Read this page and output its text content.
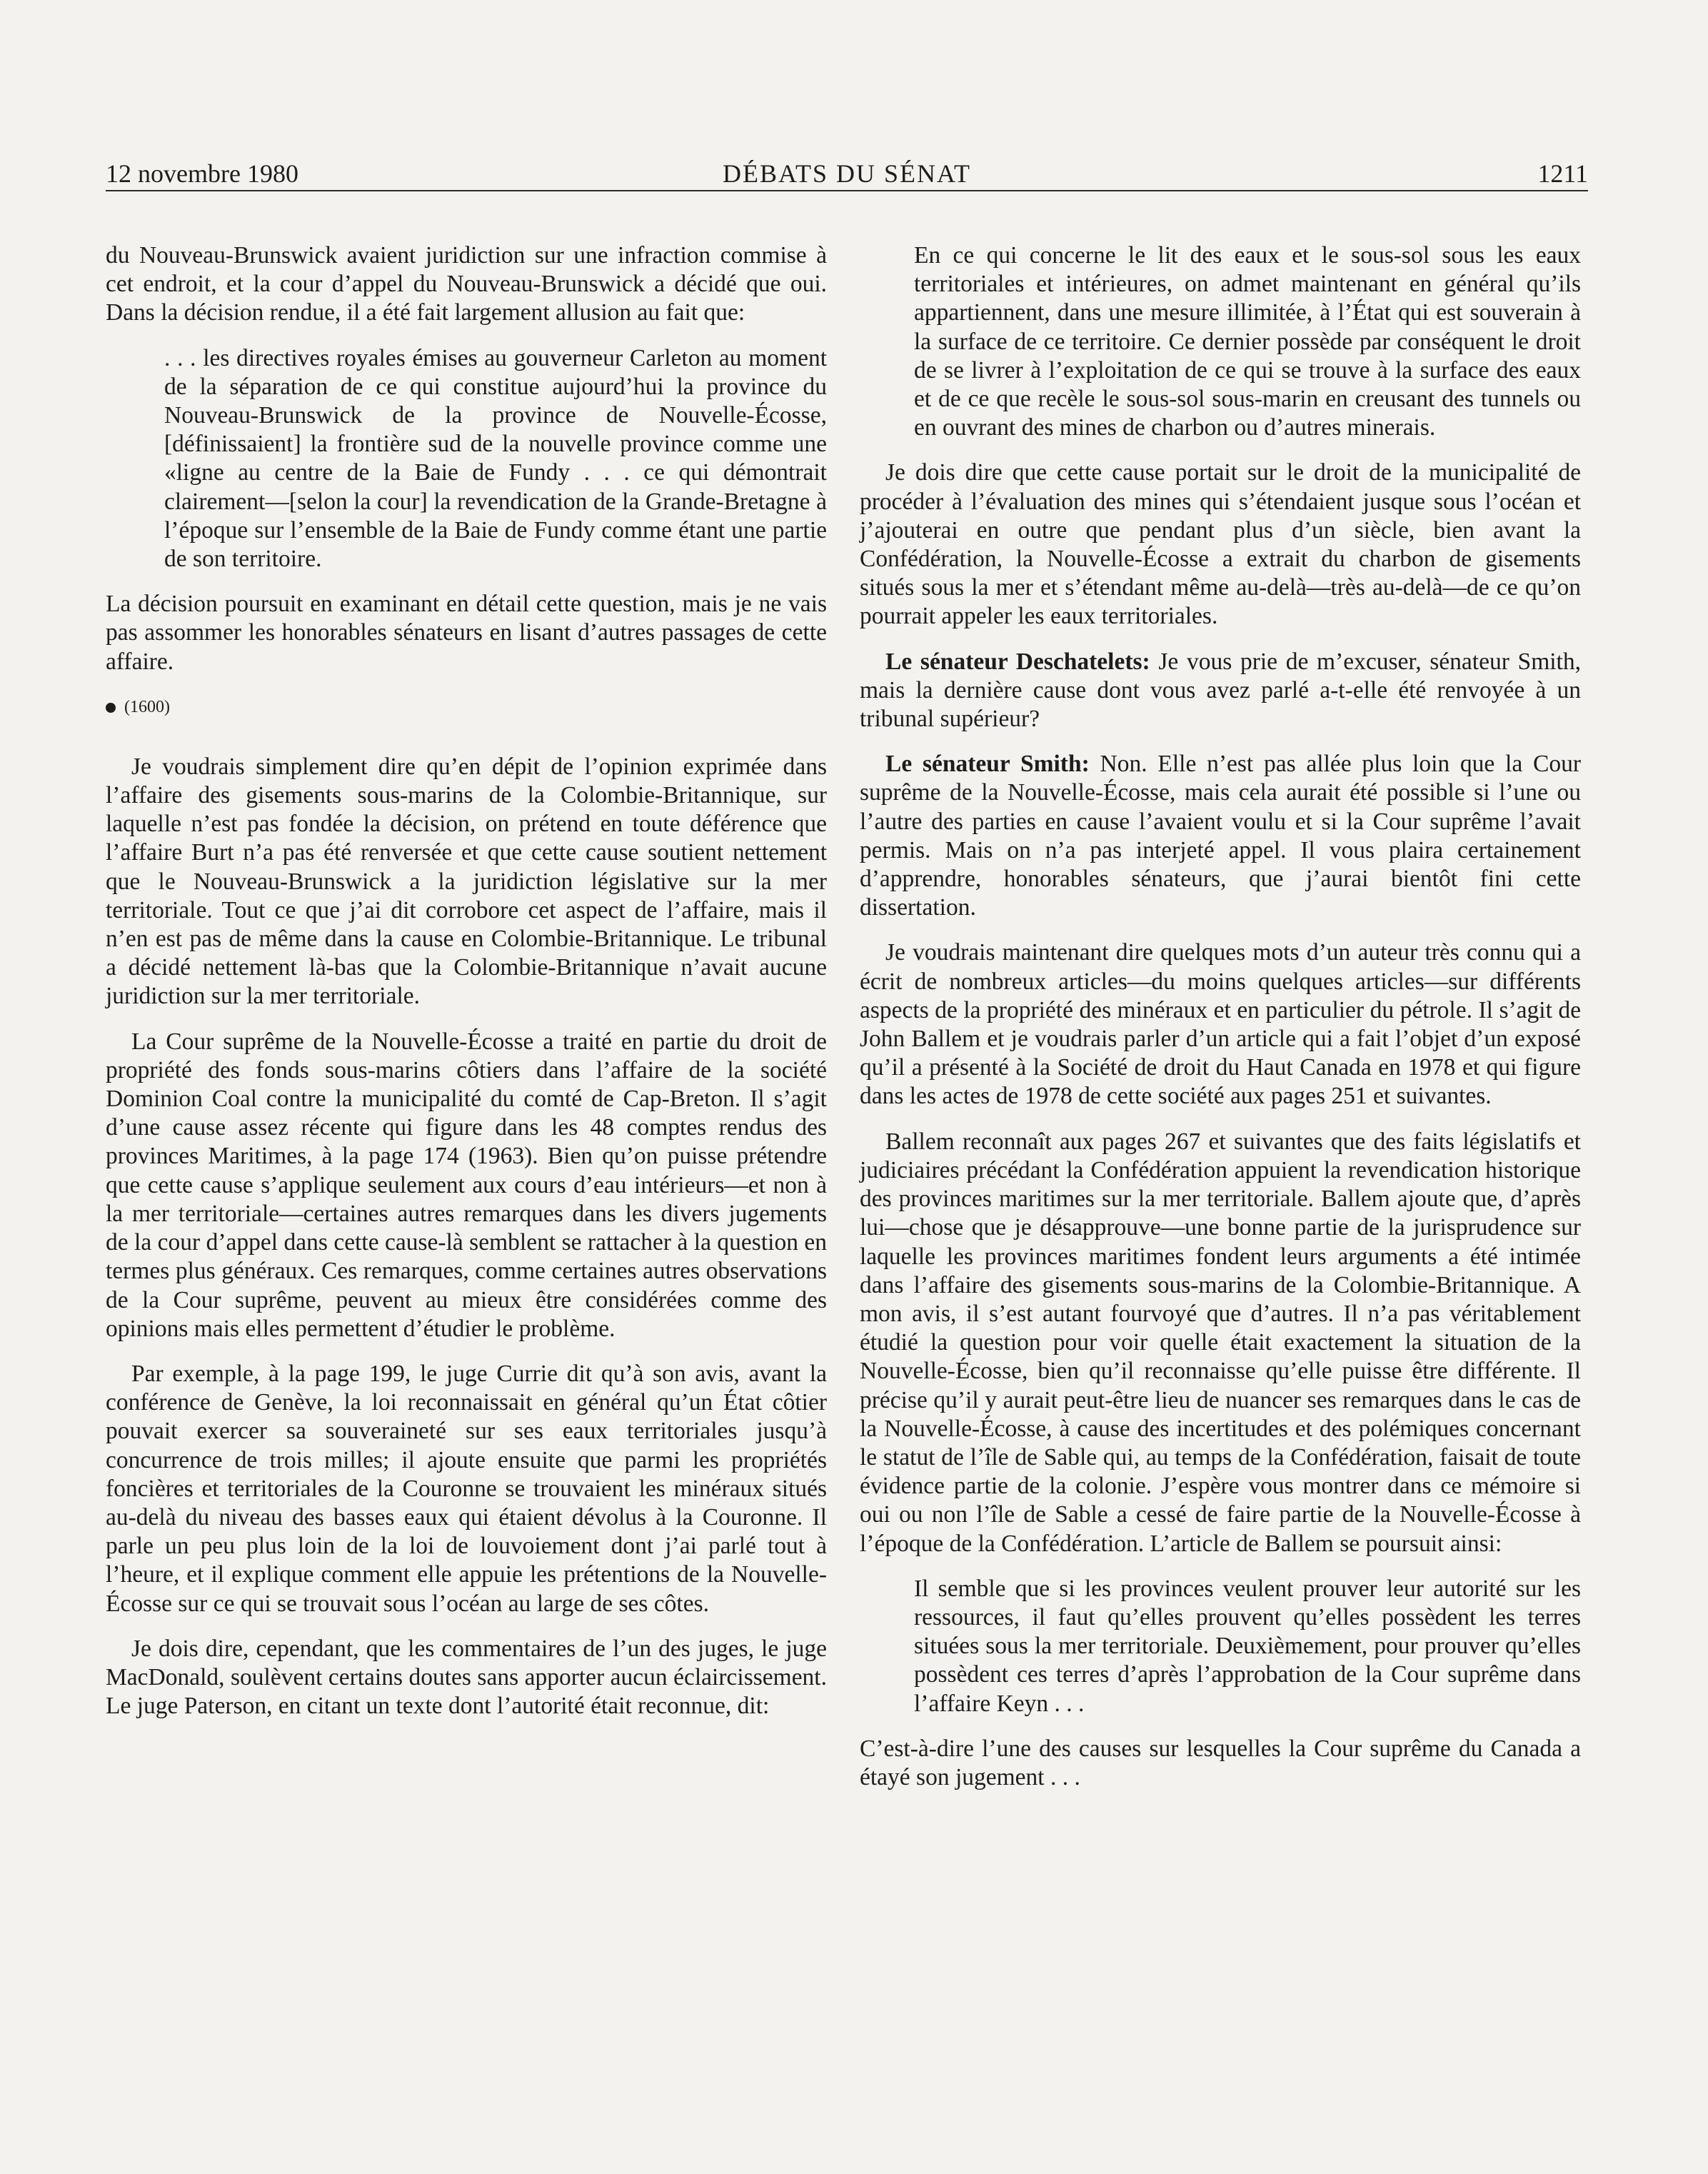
12 novembre 1980	DÉBATS DU SÉNAT	1211

du Nouveau-Brunswick avaient juridiction sur une infraction commise à cet endroit, et la cour d’appel du Nouveau-Brunswick a décidé que oui. Dans la décision rendue, il a été fait largement allusion au fait que:

. . . les directives royales émises au gouverneur Carleton au moment de la séparation de ce qui constitue aujourd’hui la province du Nouveau-Brunswick de la province de Nouvelle-Écosse, [définissaient] la frontière sud de la nouvelle province comme une «ligne au centre de la Baie de Fundy . . . ce qui démontrait clairement—[selon la cour] la revendication de la Grande-Bretagne à l’époque sur l’ensemble de la Baie de Fundy comme étant une partie de son territoire.

La décision poursuit en examinant en détail cette question, mais je ne vais pas assommer les honorables sénateurs en lisant d’autres passages de cette affaire.

(1600)

Je voudrais simplement dire qu’en dépit de l’opinion exprimée dans l’affaire des gisements sous-marins de la Colombie-Britannique, sur laquelle n’est pas fondée la décision, on prétend en toute déférence que l’affaire Burt n’a pas été renversée et que cette cause soutient nettement que le Nouveau-Brunswick a la juridiction législative sur la mer territoriale. Tout ce que j’ai dit corrobore cet aspect de l’affaire, mais il n’en est pas de même dans la cause en Colombie-Britannique. Le tribunal a décidé nettement là-bas que la Colombie-Britannique n’avait aucune juridiction sur la mer territoriale.

La Cour suprême de la Nouvelle-Écosse a traité en partie du droit de propriété des fonds sous-marins côtiers dans l’affaire de la société Dominion Coal contre la municipalité du comté de Cap-Breton. Il s’agit d’une cause assez récente qui figure dans les 48 comptes rendus des provinces Maritimes, à la page 174 (1963). Bien qu’on puisse prétendre que cette cause s’applique seulement aux cours d’eau intérieurs—et non à la mer territoriale—certaines autres remarques dans les divers jugements de la cour d’appel dans cette cause-là semblent se rattacher à la question en termes plus généraux. Ces remarques, comme certaines autres observations de la Cour suprême, peuvent au mieux être considérées comme des opinions mais elles permettent d’étudier le problème.

Par exemple, à la page 199, le juge Currie dit qu’à son avis, avant la conférence de Genève, la loi reconnaissait en général qu’un État côtier pouvait exercer sa souveraineté sur ses eaux territoriales jusqu’à concurrence de trois milles; il ajoute ensuite que parmi les propriétés foncières et territoriales de la Couronne se trouvaient les minéraux situés au-delà du niveau des basses eaux qui étaient dévolus à la Couronne. Il parle un peu plus loin de la loi de louvoiement dont j’ai parlé tout à l’heure, et il explique comment elle appuie les prétentions de la Nouvelle-Écosse sur ce qui se trouvait sous l’océan au large de ses côtes.

Je dois dire, cependant, que les commentaires de l’un des juges, le juge MacDonald, soulèvent certains doutes sans apporter aucun éclaircissement. Le juge Paterson, en citant un texte dont l’autorité était reconnue, dit:

En ce qui concerne le lit des eaux et le sous-sol sous les eaux territoriales et intérieures, on admet maintenant en général qu’ils appartiennent, dans une mesure illimitée, à l’État qui est souverain à la surface de ce territoire. Ce dernier possède par conséquent le droit de se livrer à l’exploitation de ce qui se trouve à la surface des eaux et de ce que recèle le sous-sol sous-marin en creusant des tunnels ou en ouvrant des mines de charbon ou d’autres minerais.

Je dois dire que cette cause portait sur le droit de la municipalité de procéder à l’évaluation des mines qui s’étendaient jusque sous l’océan et j’ajouterai en outre que pendant plus d’un siècle, bien avant la Confédération, la Nouvelle-Écosse a extrait du charbon de gisements situés sous la mer et s’étendant même au-delà—très au-delà—de ce qu’on pourrait appeler les eaux territoriales.

Le sénateur Deschatelets: Je vous prie de m’excuser, sénateur Smith, mais la dernière cause dont vous avez parlé a-t-elle été renvoyée à un tribunal supérieur?

Le sénateur Smith: Non. Elle n’est pas allée plus loin que la Cour suprême de la Nouvelle-Écosse, mais cela aurait été possible si l’une ou l’autre des parties en cause l’avaient voulu et si la Cour suprême l’avait permis. Mais on n’a pas interjeté appel. Il vous plaira certainement d’apprendre, honorables sénateurs, que j’aurai bientôt fini cette dissertation.

Je voudrais maintenant dire quelques mots d’un auteur très connu qui a écrit de nombreux articles—du moins quelques articles—sur différents aspects de la propriété des minéraux et en particulier du pétrole. Il s’agit de John Ballem et je voudrais parler d’un article qui a fait l’objet d’un exposé qu’il a présenté à la Société de droit du Haut Canada en 1978 et qui figure dans les actes de 1978 de cette société aux pages 251 et suivantes.

Ballem reconnaît aux pages 267 et suivantes que des faits législatifs et judiciaires précédant la Confédération appuient la revendication historique des provinces maritimes sur la mer territoriale. Ballem ajoute que, d’après lui—chose que je désapprouve—une bonne partie de la jurisprudence sur laquelle les provinces maritimes fondent leurs arguments a été intimée dans l’affaire des gisements sous-marins de la Colombie-Britannique. A mon avis, il s’est autant fourvoyé que d’autres. Il n’a pas véritablement étudié la question pour voir quelle était exactement la situation de la Nouvelle-Écosse, bien qu’il reconnaisse qu’elle puisse être différente. Il précise qu’il y aurait peut-être lieu de nuancer ses remarques dans le cas de la Nouvelle-Écosse, à cause des incertitudes et des polémiques concernant le statut de l’île de Sable qui, au temps de la Confédération, faisait de toute évidence partie de la colonie. J’espère vous montrer dans ce mémoire si oui ou non l’île de Sable a cessé de faire partie de la Nouvelle-Écosse à l’époque de la Confédération. L’article de Ballem se poursuit ainsi:

Il semble que si les provinces veulent prouver leur autorité sur les ressources, il faut qu’elles prouvent qu’elles possèdent les terres situées sous la mer territoriale. Deuxièmement, pour prouver qu’elles possèdent ces terres d’après l’approbation de la Cour suprême dans l’affaire Keyn . . .

C’est-à-dire l’une des causes sur lesquelles la Cour suprême du Canada a étayé son jugement . . .
